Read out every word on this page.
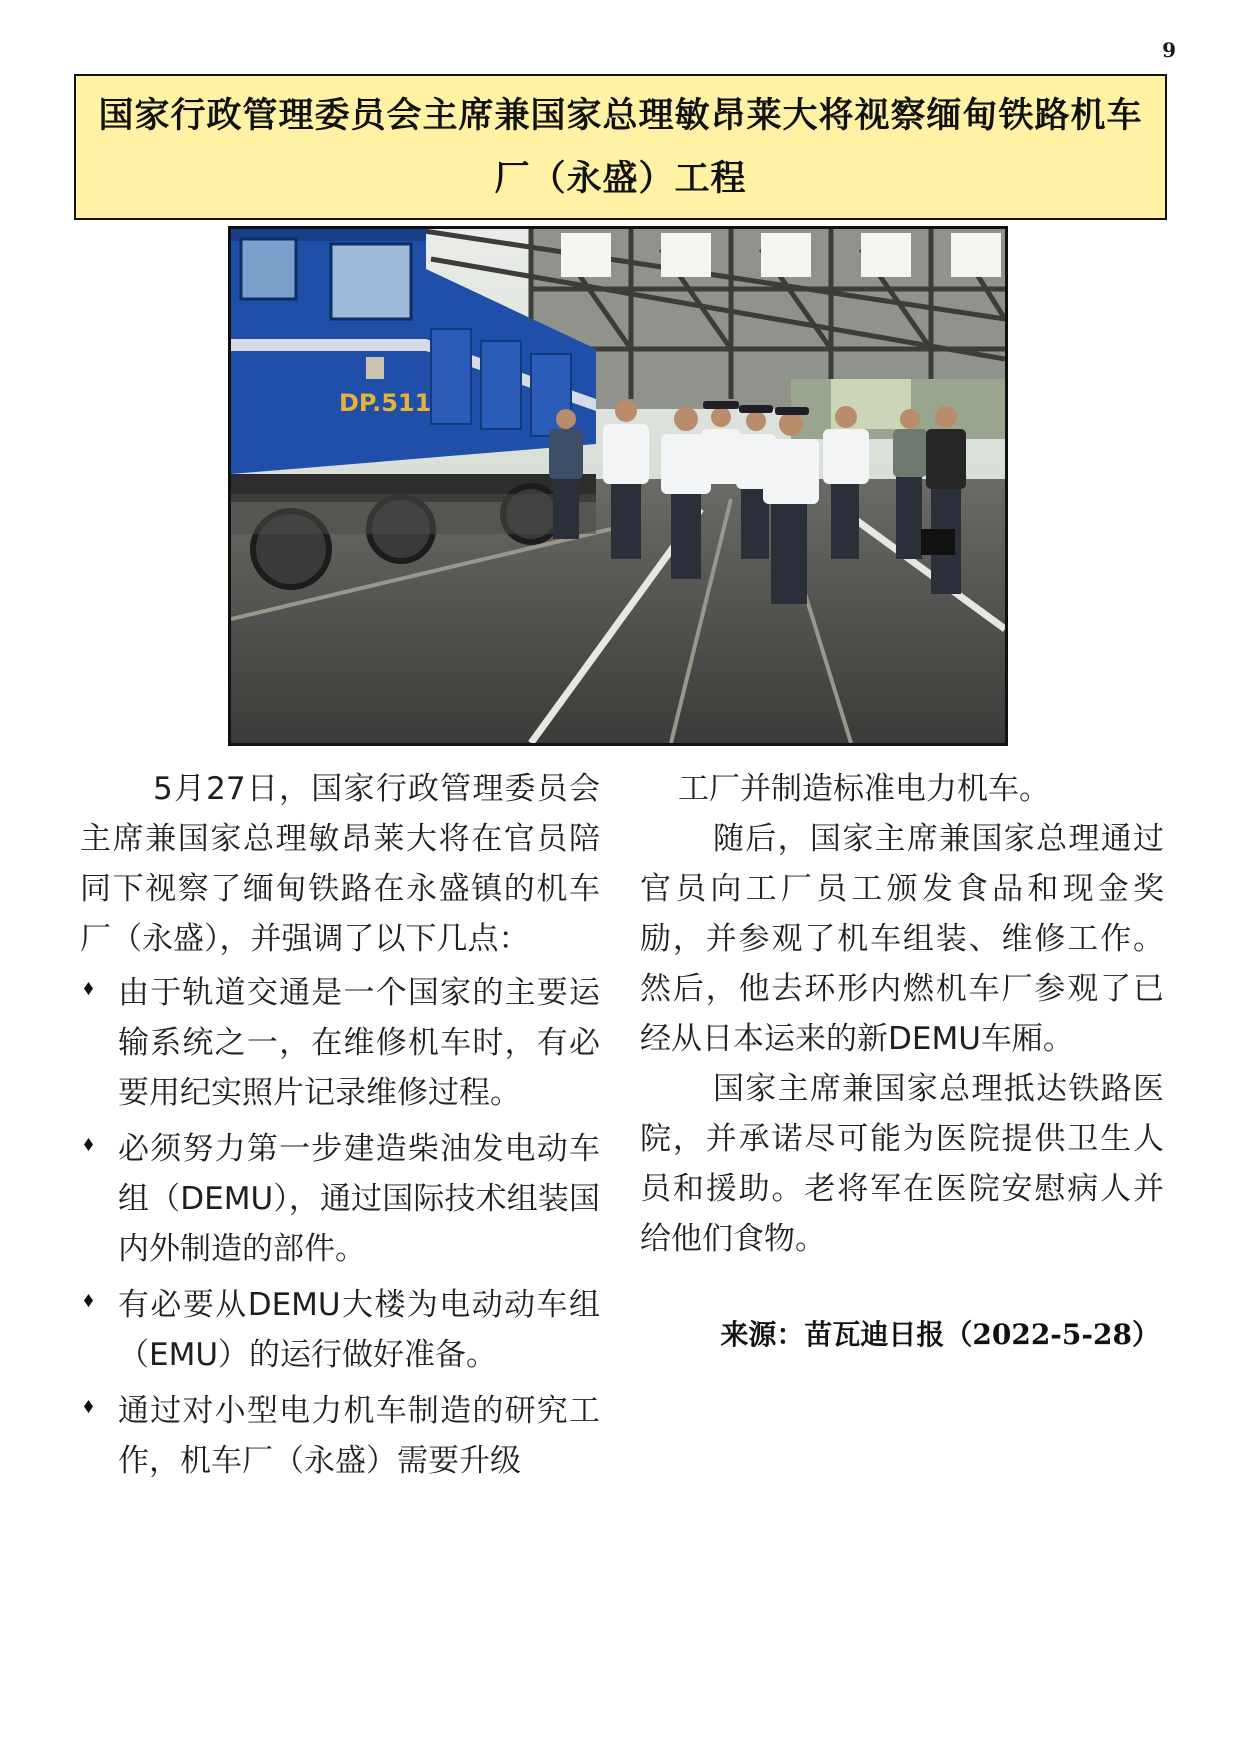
9
国家行政管理委员会主席兼国家总理敏昂莱大将视察缅甸铁路机车厂（永盛）工程
DP.511

5月27日，国家行政管理委员会主席兼国家总理敏昂莱大将在官员陪同下视察了缅甸铁路在永盛镇的机车厂（永盛），并强调了以下几点：

由于轨道交通是一个国家的主要运输系统之一，在维修机车时，有必要用纪实照片记录维修过程。
必须努力第一步建造柴油发电动车组（DEMU），通过国际技术组装国内外制造的部件。
有必要从DEMU大楼为电动动车组（EMU）的运行做好准备。
通过对小型电力机车制造的研究工作，机车厂（永盛）需要升级

工厂并制造标准电力机车。

随后，国家主席兼国家总理通过官员向工厂员工颁发食品和现金奖励，并参观了机车组装、维修工作。然后，他去环形内燃机车厂参观了已经从日本运来的新DEMU车厢。

国家主席兼国家总理抵达铁路医院，并承诺尽可能为医院提供卫生人员和援助。老将军在医院安慰病人并给他们食物。

来源：苗瓦迪日报（2022-5-28）
